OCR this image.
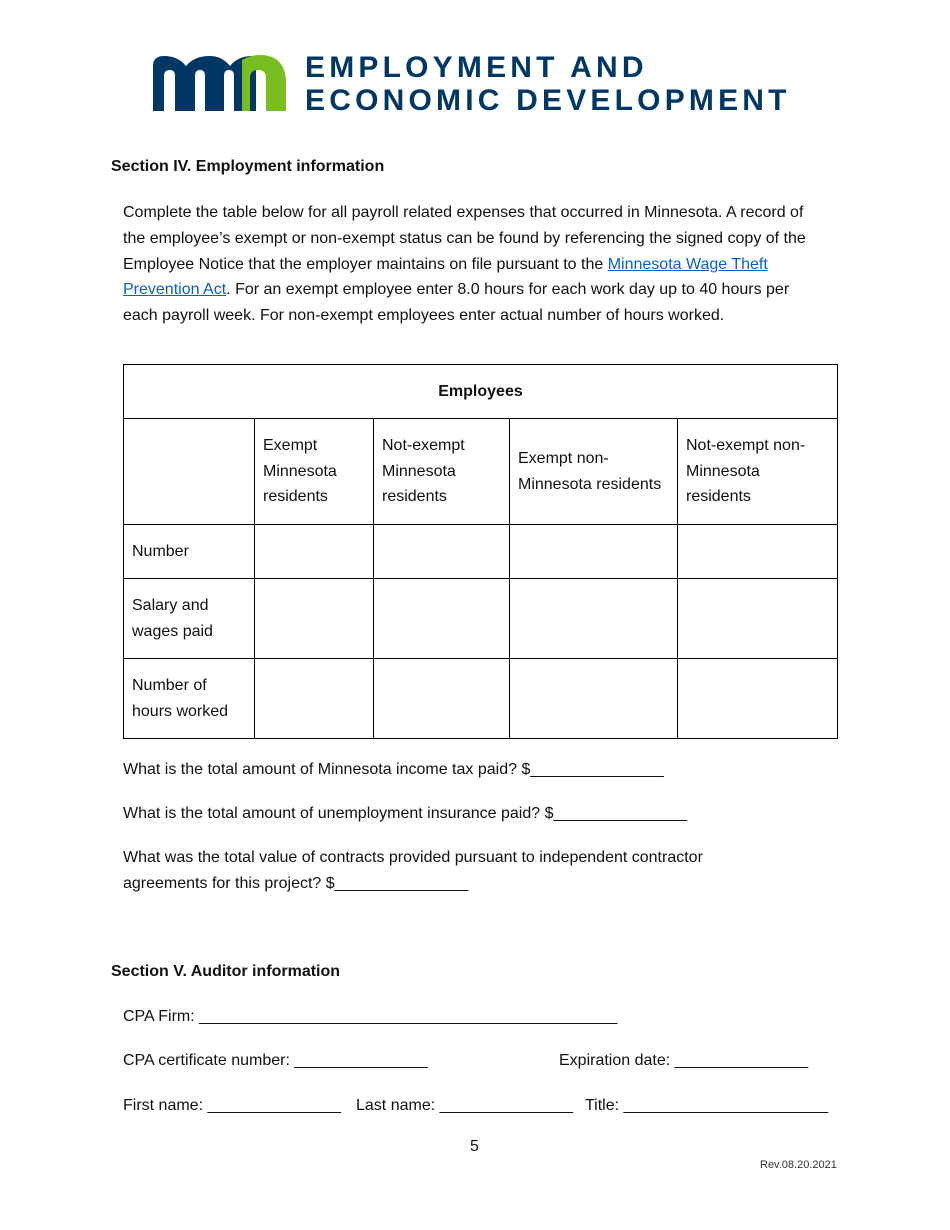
EMPLOYMENT AND
ECONOMIC DEVELOPMENT
Section IV. Employment information
Complete the table below for all payroll related expenses that occurred in Minnesota. A record of the employee’s exempt or non-exempt status can be found by referencing the signed copy of the Employee Notice that the employer maintains on file pursuant to the Minnesota Wage Theft Prevention Act. For an exempt employee enter 8.0 hours for each work day up to 40 hours per each payroll week. For non-exempt employees enter actual number of hours worked.
Employees				
	Exempt Minnesota residents	Not-exempt Minnesota residents	Exempt non-Minnesota residents	Not-exempt non-Minnesota residents
Number				
Salary and wages paid				
Number of hours worked				
What is the total amount of Minnesota income tax paid? $_______________
What is the total amount of unemployment insurance paid? $_______________
What was the total value of contracts provided pursuant to independent contractor agreements for this project? $_______________
Section V. Auditor information
CPA Firm: _______________________________________________
CPA certificate number: _______________	Expiration date: _______________
First name: _______________ Last name: _______________ Title: _______________________
5
Rev.08.20.2021
